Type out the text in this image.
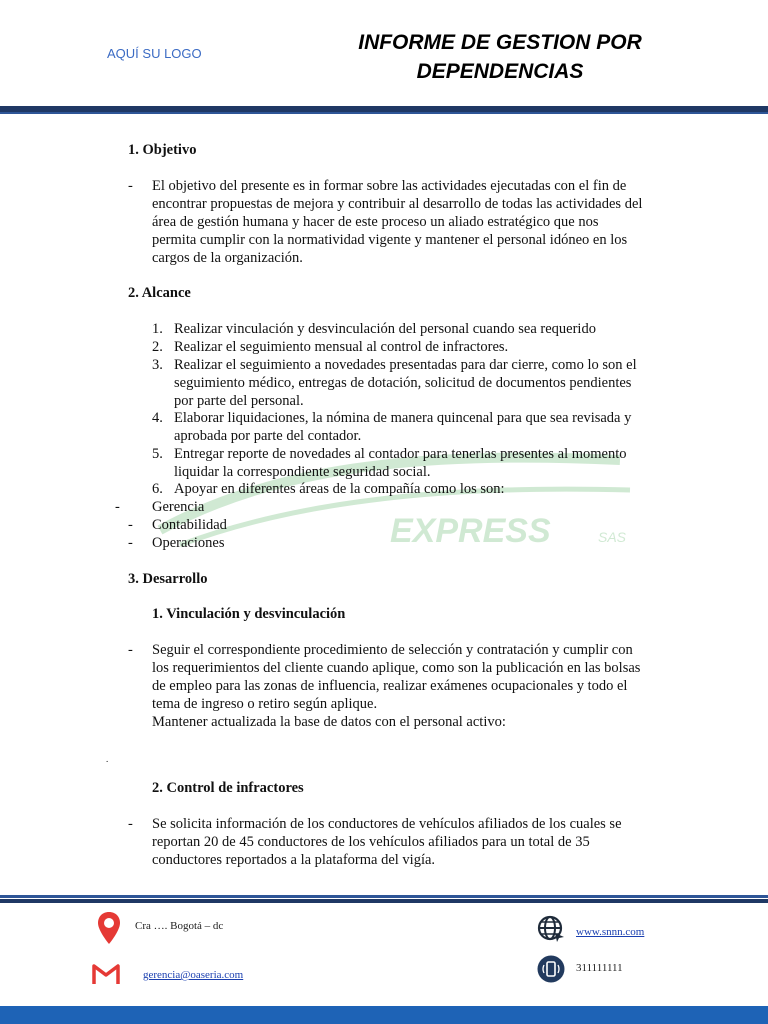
AQUÍ SU LOGO	INFORME DE GESTION POR
DEPENDENCIAS
EXPRESS	SAS
1. Objetivo
- El objetivo del presente es in formar sobre las actividades ejecutadas con el fin de
encontrar propuestas de mejora y contribuir al desarrollo de todas las actividades del
área de gestión humana y hacer de este proceso un aliado estratégico que nos
permita cumplir con la normatividad vigente y mantener el personal idóneo en los
cargos de la organización.
2. Alcance
1. Realizar vinculación y desvinculación del personal cuando sea requerido
2. Realizar el seguimiento mensual al control de infractores.
3. Realizar el seguimiento a novedades presentadas para dar cierre, como lo son el
seguimiento médico, entregas de dotación, solicitud de documentos pendientes
por parte del personal.
4. Elaborar liquidaciones, la nómina de manera quincenal para que sea revisada y
aprobada por parte del contador.
5. Entregar reporte de novedades al contador para tenerlas presentes al momento
liquidar la correspondiente seguridad social.
6. Apoyar en diferentes áreas de la compañía como los son:
- Gerencia
- Contabilidad
- Operaciones
3. Desarrollo
1. Vinculación y desvinculación
- Seguir el correspondiente procedimiento de selección y contratación y cumplir con
los requerimientos del cliente cuando aplique, como son la publicación en las bolsas
de empleo para las zonas de influencia, realizar exámenes ocupacionales y todo el
tema de ingreso o retiro según aplique.
Mantener actualizada la base de datos con el personal activo:
.
2. Control de infractores
- Se solicita información de los conductores de vehículos afiliados de los cuales se
reportan 20 de 45 conductores de los vehículos afiliados para un total de 35
conductores reportados a la plataforma del vigía.
Cra …. Bogotá – dc
gerencia@oaseria.com
www.snnn.com
311111111
